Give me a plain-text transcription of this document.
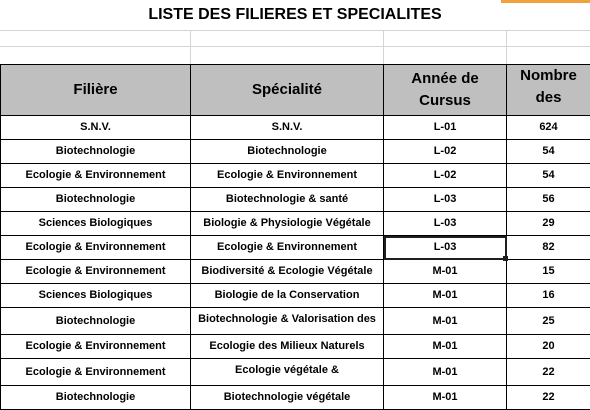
LISTE DES FILIERES ET SPECIALITES
Filière	Spécialité	Année de Cursus	Nombre des
S.N.V.	S.N.V.	L-01	624
Biotechnologie	Biotechnologie	L-02	54
Ecologie & Environnement	Ecologie & Environnement	L-02	54
Biotechnologie	Biotechnologie & santé	L-03	56
Sciences Biologiques	Biologie & Physiologie Végétale	L-03	29
Ecologie & Environnement	Ecologie & Environnement	L-03	82
Ecologie & Environnement	Biodiversité & Ecologie Végétale	M-01	15
Sciences Biologiques	Biologie de la Conservation	M-01	16
Biotechnologie	Biotechnologie & Valorisation des	M-01	25
Ecologie & Environnement	Ecologie des Milieux Naturels	M-01	20
Ecologie & Environnement	Ecologie végétale &	M-01	22
Biotechnologie	Biotechnologie végétale	M-01	22
